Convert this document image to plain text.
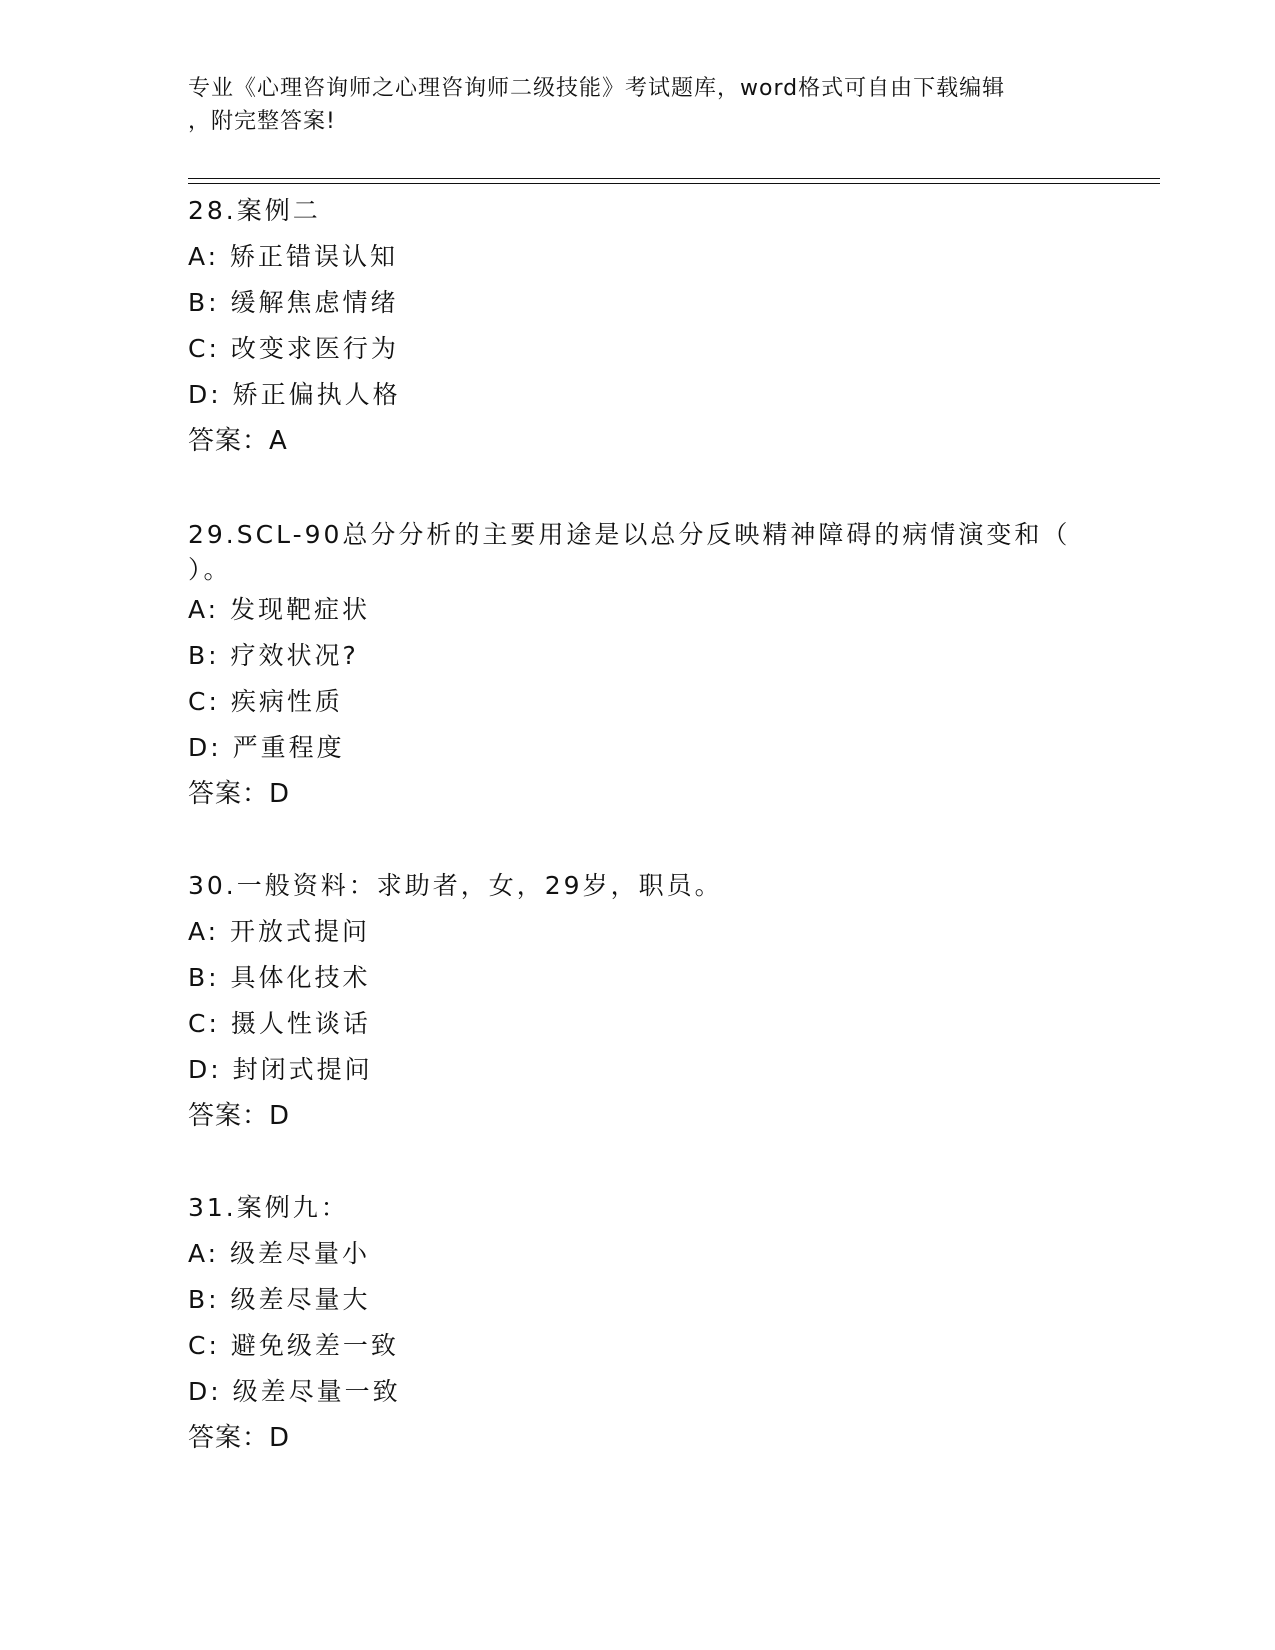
专业《心理咨询师之心理咨询师二级技能》考试题库，word格式可自由下载编辑
，附完整答案!
28.案例二
A: 矫正错误认知
B: 缓解焦虑情绪
C: 改变求医行为
D: 矫正偏执人格
答案：A
29.SCL-90总分分析的主要用途是以总分反映精神障碍的病情演变和（ ）。
A: 发现靶症状
B: 疗效状况?
C: 疾病性质
D: 严重程度
答案：D
30.一般资料：求助者，女，29岁，职员。
A: 开放式提问
B: 具体化技术
C: 摄人性谈话
D: 封闭式提问
答案：D
31.案例九：
A: 级差尽量小
B: 级差尽量大
C: 避免级差一致
D: 级差尽量一致
答案：D
